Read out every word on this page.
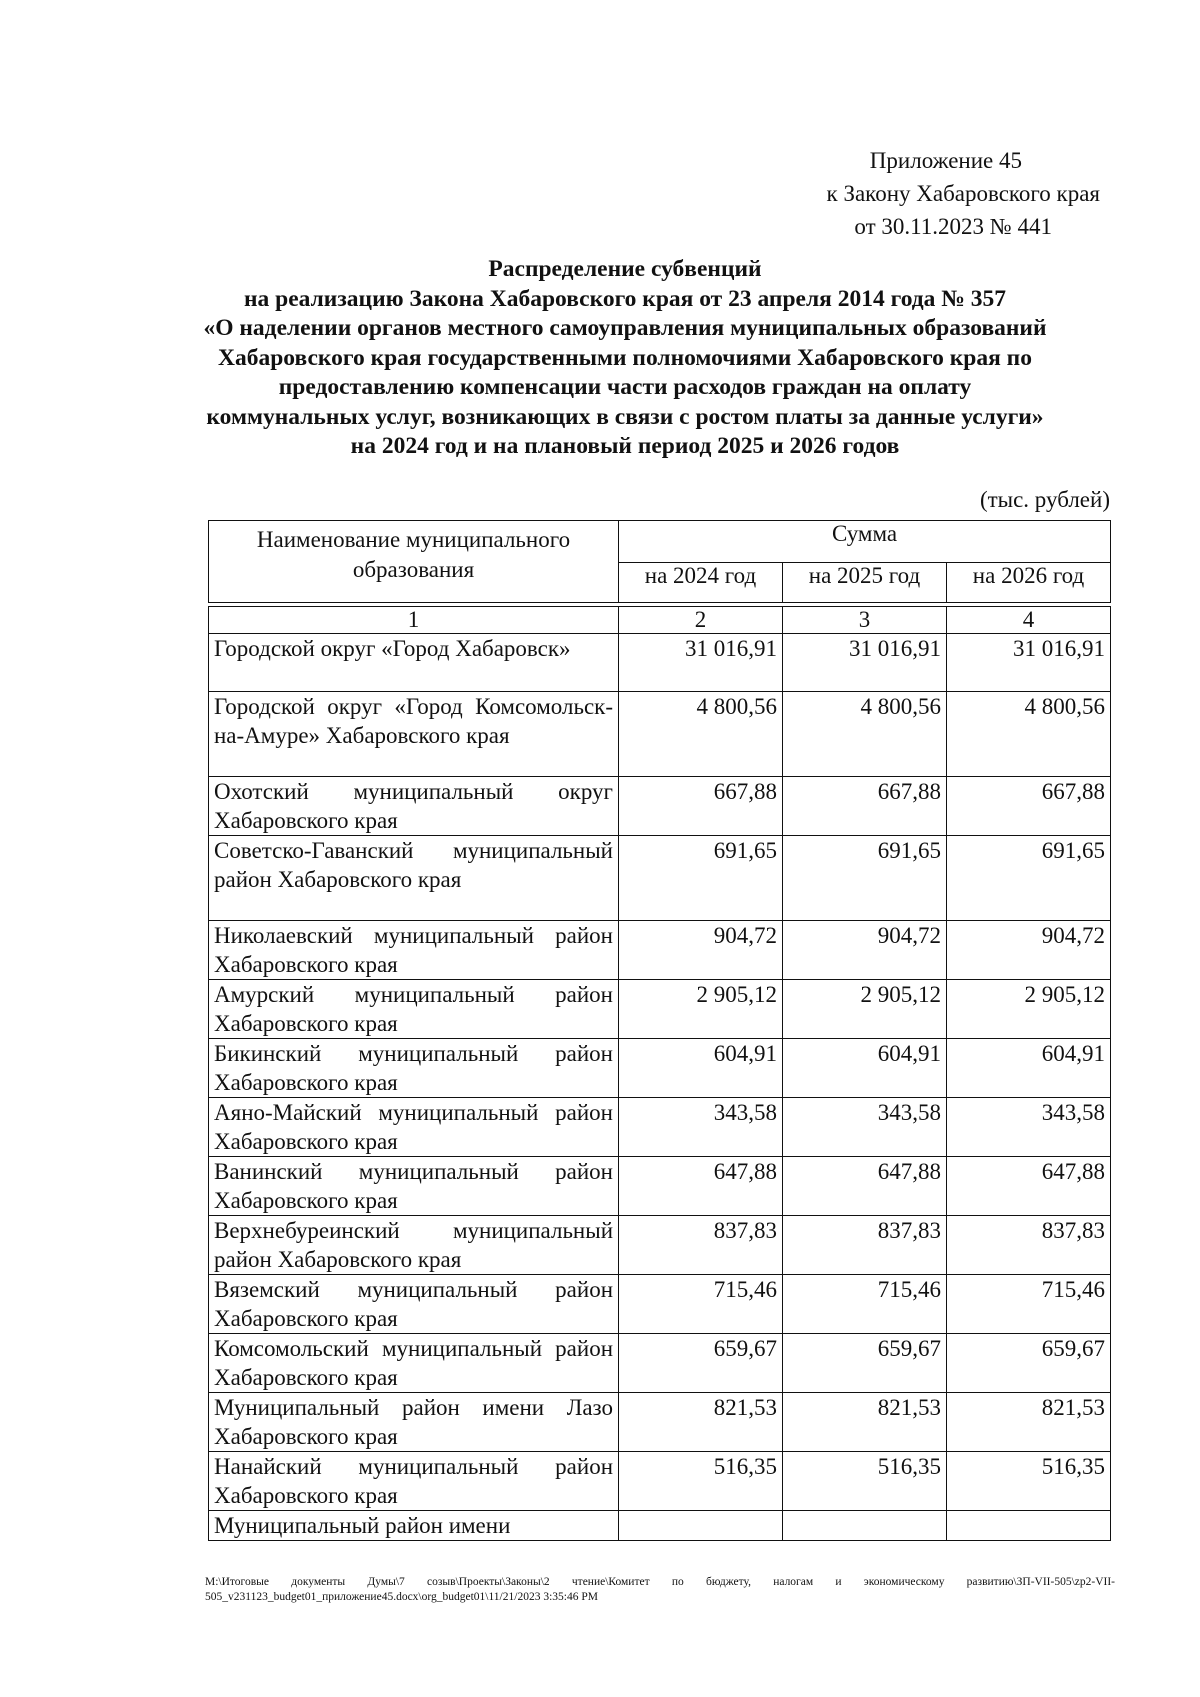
Приложение 45
к Закону Хабаровского края
от 30.11.2023 № 441
Распределение субвенций
на реализацию Закона Хабаровского края от 23 апреля 2014 года № 357
«О наделении органов местного самоуправления муниципальных образований
Хабаровского края государственными полномочиями Хабаровского края по
предоставлению компенсации части расходов граждан на оплату
коммунальных услуг, возникающих в связи с ростом платы за данные услуги»
на 2024 год и на плановый период 2025 и 2026 годов
(тыс. рублей)
Наименование муниципального образования	Сумма		
	на 2024 год	на 2025 год	на 2026 год
1	2	3	4
Городской округ «Город Хабаровск»	31 016,91	31 016,91	31 016,91
Городской округ «Город Комсомольск-на-Амуре» Хабаровского края	4 800,56	4 800,56	4 800,56
Охотский муниципальный округ Хабаровского края	667,88	667,88	667,88
Советско-Гаванский муниципальный район Хабаровского края	691,65	691,65	691,65
Николаевский муниципальный район Хабаровского края	904,72	904,72	904,72
Амурский муниципальный район Хабаровского края	2 905,12	2 905,12	2 905,12
Бикинский муниципальный район Хабаровского края	604,91	604,91	604,91
Аяно-Майский муниципальный район Хабаровского края	343,58	343,58	343,58
Ванинский муниципальный район Хабаровского края	647,88	647,88	647,88
Верхнебуреинский муниципальный район Хабаровского края	837,83	837,83	837,83
Вяземский муниципальный район Хабаровского края	715,46	715,46	715,46
Комсомольский муниципальный район Хабаровского края	659,67	659,67	659,67
Муниципальный район имени Лазо Хабаровского края	821,53	821,53	821,53
Нанайский муниципальный район Хабаровского края	516,35	516,35	516,35
Муниципальный район имени			
M:\Итоговые документы Думы\7 созыв\Проекты\Законы\2 чтение\Комитет по бюджету, налогам и экономическому развитию\ЗП-VII-505\zp2-VII-505_v231123_budget01_приложение45.docx\org_budget01\11/21/2023 3:35:46 PM
